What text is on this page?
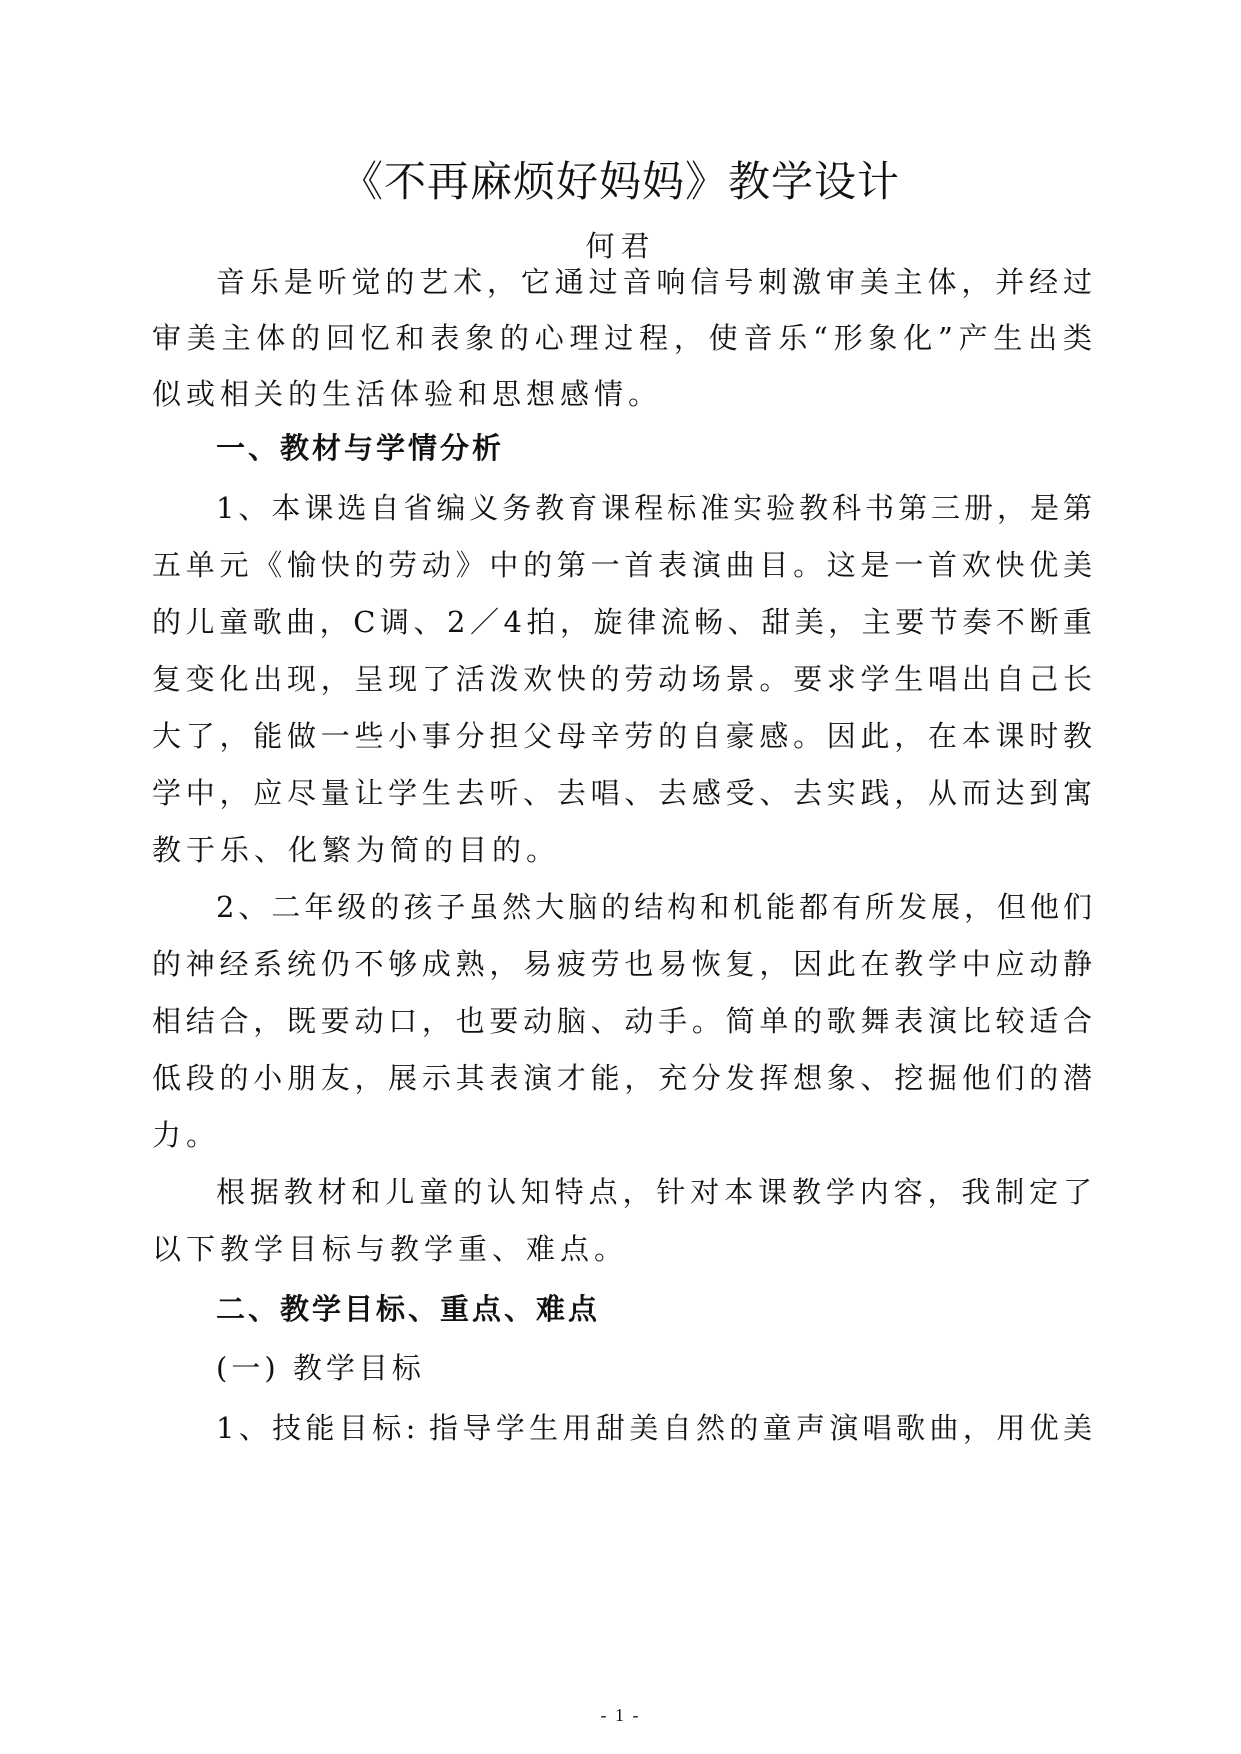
《不再麻烦好妈妈》教学设计

何君

音乐是听觉的艺术，它通过音响信号刺激审美主体，并经过

审美主体的回忆和表象的心理过程，使音乐“形象化”产生出类

似或相关的生活体验和思想感情。

一、教材与学情分析

1、本课选自省编义务教育课程标准实验教科书第三册，是第

五单元《愉快的劳动》中的第一首表演曲目。这是一首欢快优美

的儿童歌曲，C调、2／4拍，旋律流畅、甜美，主要节奏不断重

复变化出现，呈现了活泼欢快的劳动场景。要求学生唱出自己长

大了，能做一些小事分担父母辛劳的自豪感。因此，在本课时教

学中，应尽量让学生去听、去唱、去感受、去实践，从而达到寓

教于乐、化繁为简的目的。

2、二年级的孩子虽然大脑的结构和机能都有所发展，但他们

的神经系统仍不够成熟，易疲劳也易恢复，因此在教学中应动静

相结合，既要动口，也要动脑、动手。简单的歌舞表演比较适合

低段的小朋友，展示其表演才能，充分发挥想象、挖掘他们的潜

力。

根据教材和儿童的认知特点，针对本课教学内容，我制定了

以下教学目标与教学重、难点。

二、教学目标、重点、难点

(一) 教学目标

1、技能目标: 指导学生用甜美自然的童声演唱歌曲，用优美

- 1 -
